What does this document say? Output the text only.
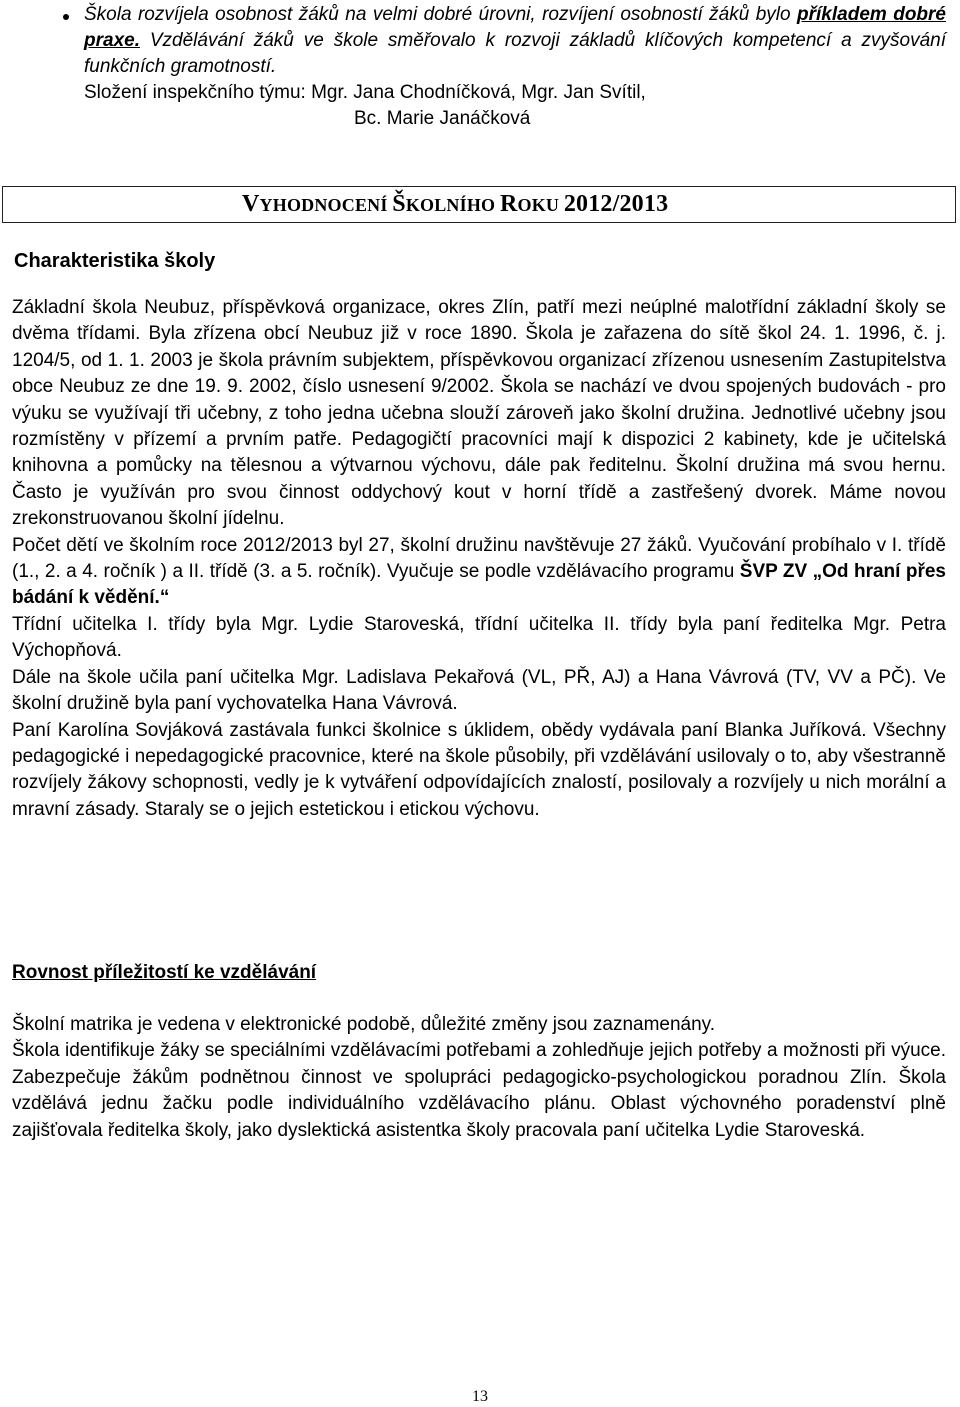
Škola rozvíjela osobnost žáků na velmi dobré úrovni, rozvíjení osobností žáků bylo příkladem dobré praxe. Vzdělávání žáků ve škole směřovalo k rozvoji základů klíčových kompetencí a zvyšování funkčních gramotností.
Složení inspekčního týmu: Mgr. Jana Chodníčková, Mgr. Jan Svítil,
Bc. Marie Janáčková
VYHODNOCENÍ ŠKOLNÍHO ROKU 2012/2013
Charakteristika školy

Základní škola Neubuz, příspěvková organizace, okres Zlín, patří mezi neúplné malotřídní základní školy se dvěma třídami. Byla zřízena obcí Neubuz již v roce 1890. Škola je zařazena do sítě škol 24. 1. 1996, č. j. 1204/5, od 1. 1. 2003 je škola právním subjektem, příspěvkovou organizací zřízenou usnesením Zastupitelstva obce Neubuz ze dne 19. 9. 2002, číslo usnesení 9/2002. Škola se nachází ve dvou spojených budovách - pro výuku se využívají tři učebny, z toho jedna učebna slouží zároveň jako školní družina. Jednotlivé učebny jsou rozmístěny v přízemí a prvním patře. Pedagogičtí pracovníci mají k dispozici 2 kabinety, kde je učitelská knihovna a pomůcky na tělesnou a výtvarnou výchovu, dále pak ředitelnu. Školní družina má svou hernu. Často je využíván pro svou činnost oddychový kout v horní třídě a zastřešený dvorek. Máme novou zrekonstruovanou školní jídelnu.

Počet dětí ve školním roce 2012/2013 byl 27, školní družinu navštěvuje 27 žáků. Vyučování probíhalo v I. třídě (1., 2. a 4. ročník ) a II. třídě (3. a 5. ročník). Vyučuje se podle vzdělávacího programu ŠVP ZV „Od hraní přes bádání k vědění.“

Třídní učitelka I. třídy byla Mgr. Lydie Staroveská, třídní učitelka II. třídy byla paní ředitelka Mgr. Petra Výchopňová.

Dále na škole učila paní učitelka Mgr. Ladislava Pekařová (VL, PŘ, AJ) a Hana Vávrová (TV, VV a PČ). Ve školní družině byla paní vychovatelka Hana Vávrová.

Paní Karolína Sovjáková zastávala funkci školnice s úklidem, obědy vydávala paní Blanka Juříková. Všechny pedagogické i nepedagogické pracovnice, které na škole působily, při vzdělávání usilovaly o to, aby všestranně rozvíjely žákovy schopnosti, vedly je k vytváření odpovídajících znalostí, posilovaly a rozvíjely u nich morální a mravní zásady. Staraly se o jejich estetickou i etickou výchovu.

Rovnost příležitostí ke vzdělávání

Školní matrika je vedena v elektronické podobě, důležité změny jsou zaznamenány.

Škola identifikuje žáky se speciálními vzdělávacími potřebami a zohledňuje jejich potřeby a možnosti při výuce. Zabezpečuje žákům podnětnou činnost ve spolupráci pedagogicko-psychologickou poradnou Zlín. Škola vzdělává jednu žačku podle individuálního vzdělávacího plánu. Oblast výchovného poradenství plně zajišťovala ředitelka školy, jako dyslektická asistentka školy pracovala paní učitelka Lydie Staroveská.

13
